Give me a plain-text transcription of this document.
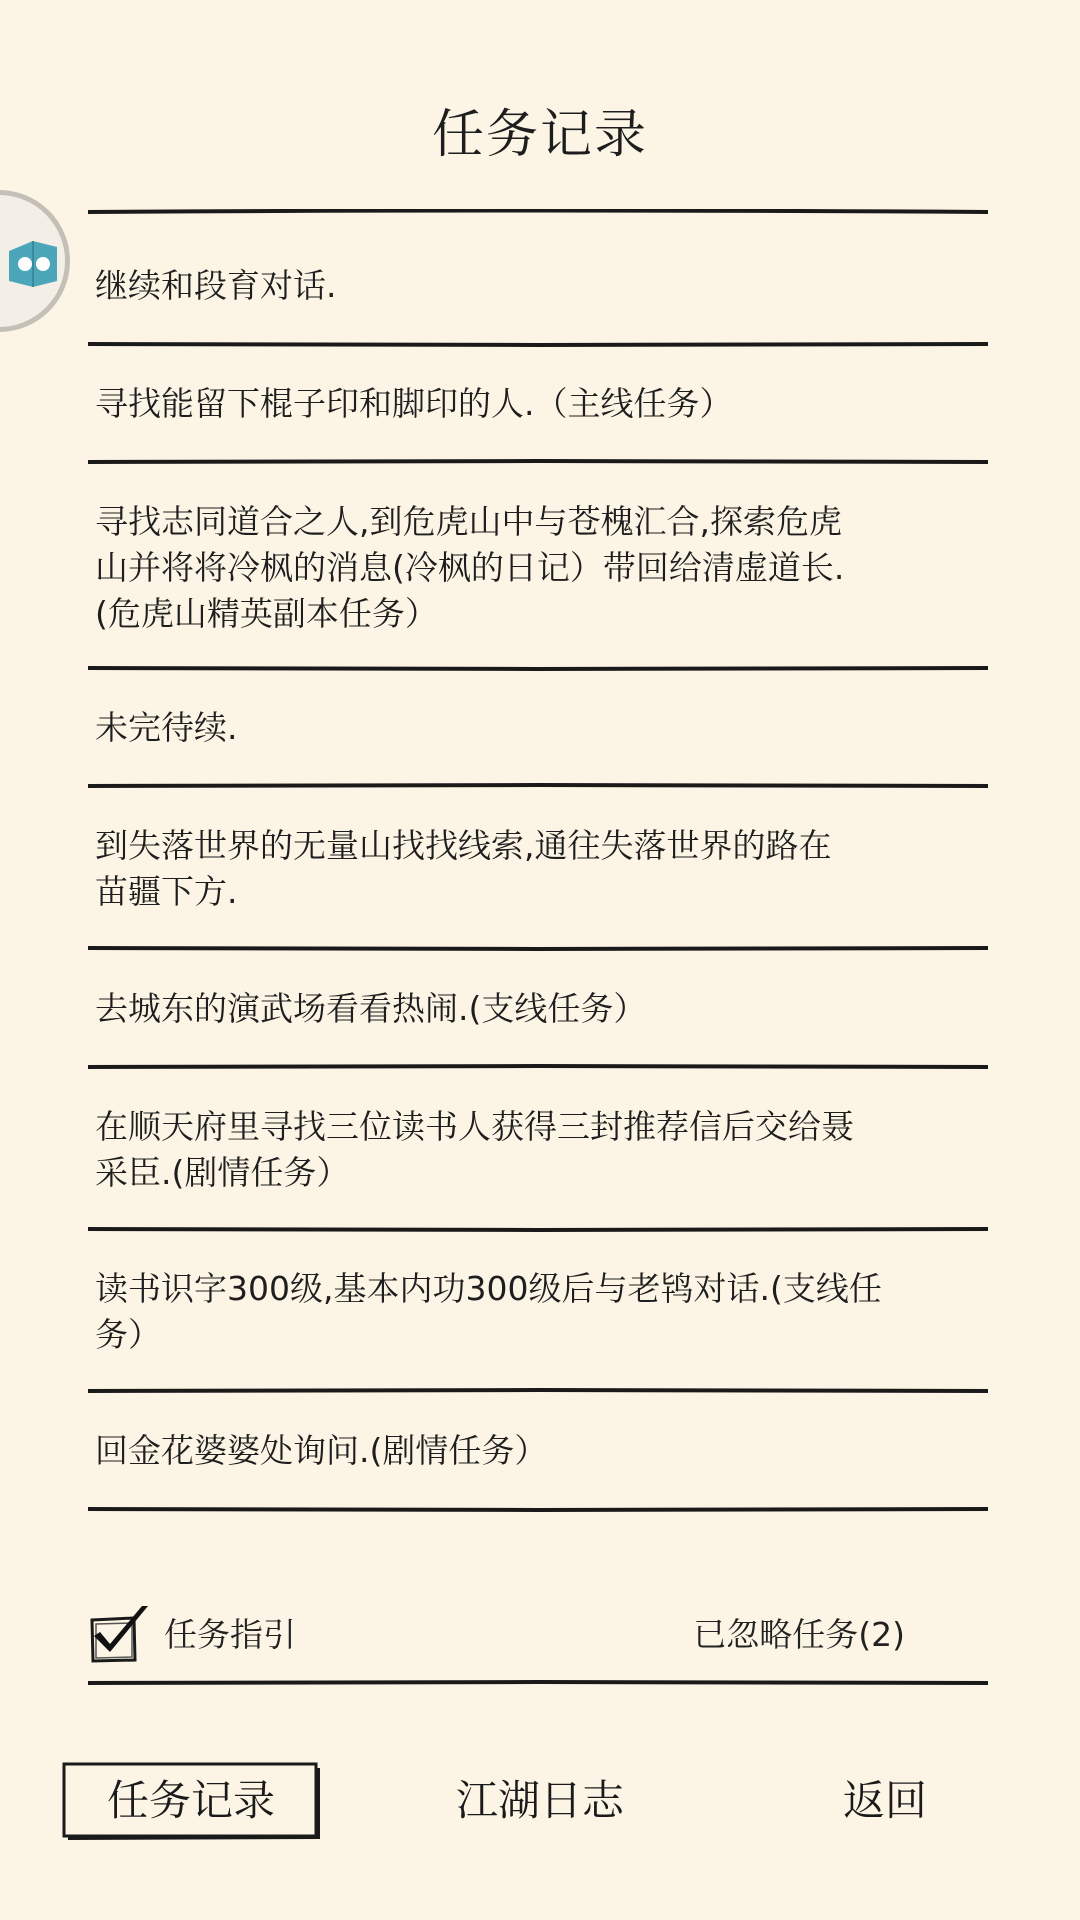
任务记录
继续和段育对话.
寻找能留下棍子印和脚印的人.（主线任务）
寻找志同道合之人,到危虎山中与苍槐汇合,探索危虎
山并将将冷枫的消息(冷枫的日记）带回给清虚道长.
(危虎山精英副本任务）
未完待续.
到失落世界的无量山找找线索,通往失落世界的路在
苗疆下方.
去城东的演武场看看热闹.(支线任务）
在顺天府里寻找三位读书人获得三封推荐信后交给聂
采臣.(剧情任务）
读书识字300级,基本内功300级后与老鸨对话.(支线任
务）
回金花婆婆处询问.(剧情任务）
任务指引	已忽略任务(2)
任务记录	江湖日志	返回
